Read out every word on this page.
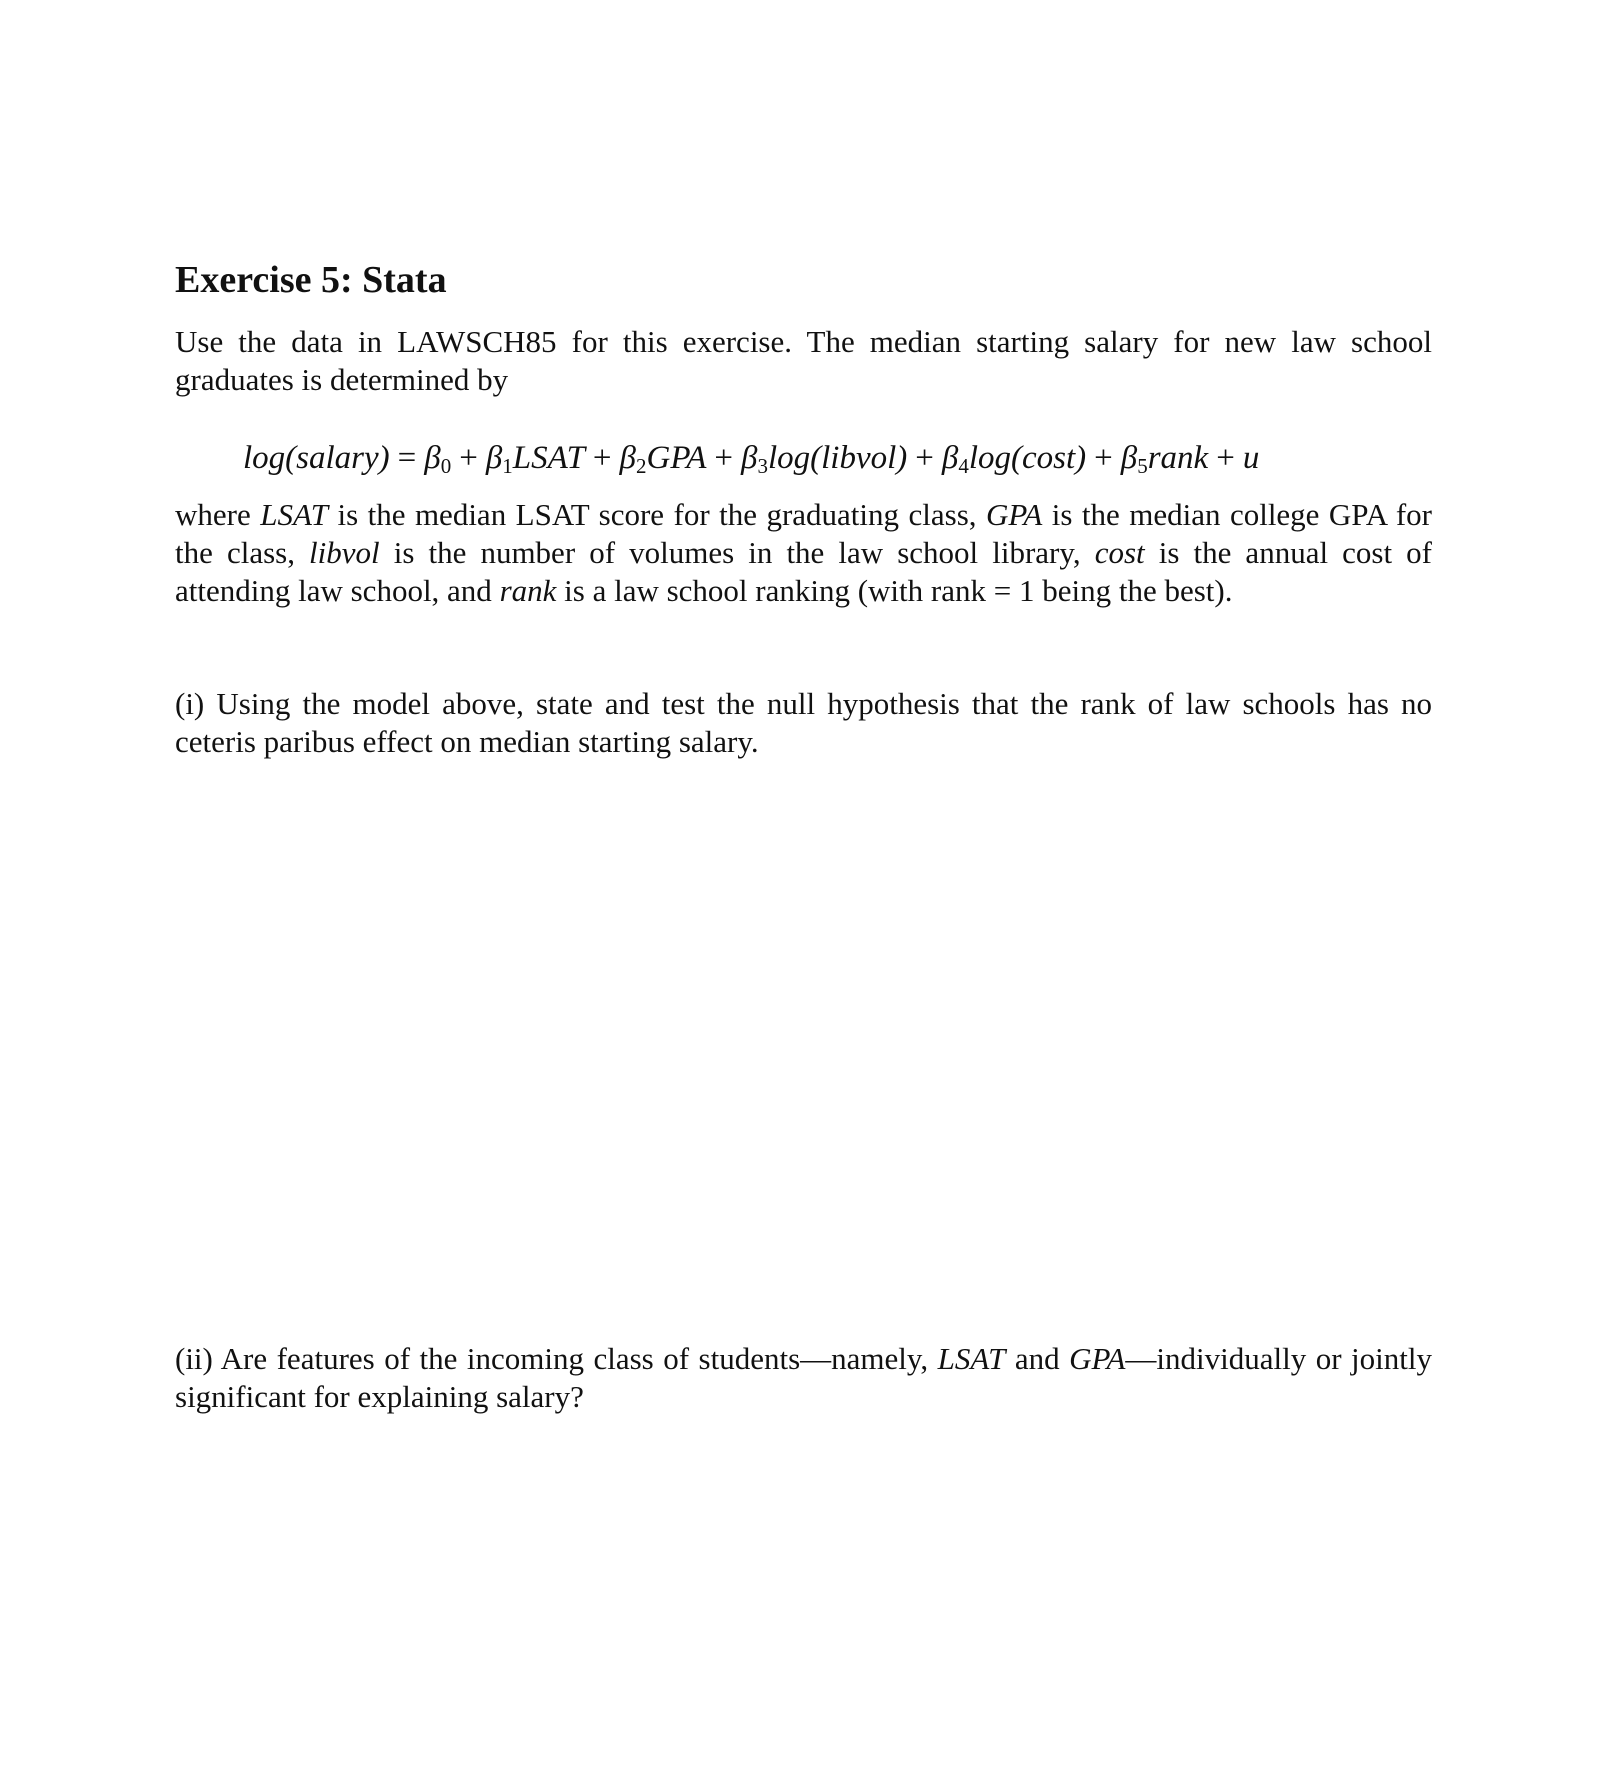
Exercise 5: Stata

Use the data in LAWSCH85 for this exercise. The median starting salary for new law school graduates is determined by

log(salary) = $\beta_0$ + $\beta_1LSAT + \beta_2GPA$ + $\beta_3\log(libvol) + \beta_4\log(\cos t)$ + $\beta_5rank + u$

where LSAT is the median LSAT score for the graduating class, GPA is the median college GPA for the class, libvol is the number of volumes in the law school library, cost is the annual cost of attending law school, and rank is a law school ranking (with rank = 1 being the best).

(i) Using the model above, state and test the null hypothesis that the rank of law schools has no ceteris paribus effect on median starting salary.

(ii) Are features of the incoming class of students—namely, LSAT and GPA—individually or jointly significant for explaining salary?
